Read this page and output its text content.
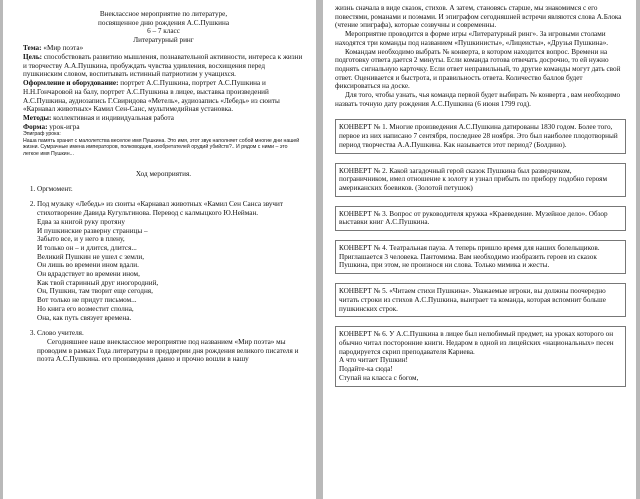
Внеклассное мероприятие по литературе,
посвященное дню рождения А.С.Пушкина
6 – 7 класс
Литературный ринг

Тема: «Мир поэта»

Цель: способствовать развитию мышления, познавательной активности, интереса к жизни и творчеству А.А.Пушкина, пробуждать чувства удивления, восхищения перед пушкинским словом, воспитывать истинный патриотизм у учащихся.

Оформление и оборудование: портрет А.С.Пушкина, портрет А.С.Пушкина и Н.Н.Гончаровой на балу, портрет А.С.Пушкина в лицее, выставка произведений А.С.Пушкина, аудиозапись Г.Свиридова «Метель», аудиозапись «Лебедь» из сюиты «Карнавал животных» Камил Сен-Санс, мультимедийная установка.

Методы: коллективная и индивидуальная работа

Форма: урок-игра

Эпиграф урока:

Наша память хранит с малолетства веселое имя Пушкина. Это имя, этот звук наполняет собой многие дни нашей жизни. Сумрачные имена императоров, полководцев, изобретателей орудий убийств?.. И рядом с ними – это легкое имя Пушкин...

Ход мероприятия.

1. Оргмомент.
2. Под музыку «Лебедь» из сюиты «Карнавал животных «Камил Сен Санса звучит стихотворение Давида Кугультинова. Перевод с калмыцкого Ю.Нейман.
Едва за книгой руку протяну
И пушкинские разверну страницы –
Забыто все, и у него в плену,
И только он – и длится, длится...
Великий Пушкин не ушел с земли,
Он лишь во времени ином вдали.
Он вдрадствует во времени ином,
Как твой старинный друг иногородний,
Он, Пушкин, там творит еще сегодня,
Вот только не придут письмом...
Но книга его возместит сполна,
Она, как путь связует времена.
3. Слово учителя.

Сегодняшнее наше внеклассное мероприятие под названием «Мир поэта» мы проводим в рамках Года литературы в преддверии дня рождения великого писателя и поэта А.С.Пушкина. его произведения давно и прочно вошли в нашу

жизнь сначала в виде сказок, стихов. А затем, становясь старше, мы знакомимся с его повестями, романами и поэмами. И эпиграфом сегодняшней встречи являются слова А.Блока (чтение эпиграфа), которые созвучны и современны.

Мероприятие проводится в форме игры «Литературный ринг». За игровыми столами находятся три команды под названием «Пушкинисты», «Лицеисты», «Друзья Пушкина».

Командам необходимо выбрать № конверта, в котором находится вопрос. Времени на подготовку ответа дается 2 минуты. Если команда готова отвечать досрочно, то ей нужно поднять сигнальную карточку. Если ответ неправильный, то другие команды могут дать свой ответ. Оценивается и быстрота, и правильность ответа. Количество баллов будет фиксироваться на доске.

Для того, чтобы узнать, чья команда первой будет выбирать № конверта , вам необходимо назвать точную дату рождения А.С.Пушкина (6 июня 1799 год).

КОНВЕРТ № 1. Многие произведения А.С.Пушкина датированы 1830 годом. Более того, первое из них написано 7 сентября, последнее 28 ноября. Это был наиболее плодотворный период творчества А.А.Пушкина. Как называется этот период? (Болдино).

КОНВЕРТ № 2. Какой загадочный герой сказок Пушкина был разведчиком, пограничником, имел отношение к золоту и узнал прибыть по прибору подобно героям американских боевиков. (Золотой петушок)

КОНВЕРТ № 3. Вопрос от руководителя кружка «Краеведение. Музейное дело». Обзор выставки книг А.С.Пушкина.

КОНВЕРТ № 4. Театральная пауза. А теперь пришло время для наших болельщиков. Приглашается 3 человека. Пантомима. Вам необходимо изобразить героев из сказок Пушкина, при этом, не произнося ни слова. Только мимика и жесты.

КОНВЕРТ № 5. «Читаем стихи Пушкина». Уважаемые игроки, вы должны поочередно читать строки из стихов А.С.Пушкина, выиграет та команда, которая вспомнит больше пушкинских строк.

КОНВЕРТ № 6. У А.С.Пушкина в лицее был нелюбимый предмет, на уроках которого он обычно читал посторонние книги. Недаром в одной из лицейских «национальных» песен пародируется скрип преподавателя Кариева.

А что читает Пушкин!

Подайте-ка сюда!

Ступай на класса с богом,
